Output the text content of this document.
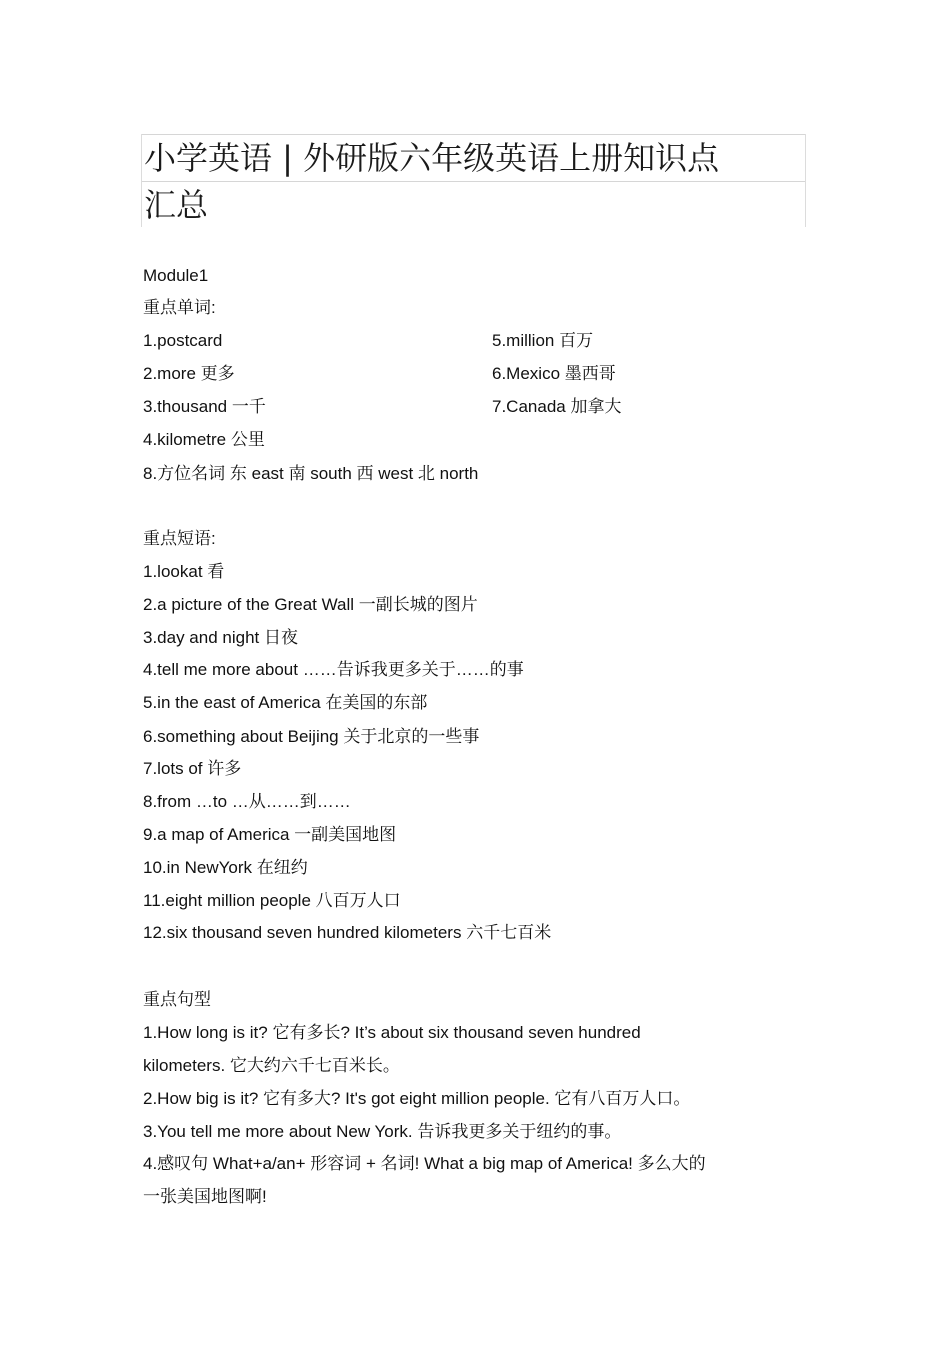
小学英语 | 外研版六年级英语上册知识点
汇总
Module1
重点单词:
1.postcard	5.million 百万
2.more 更多	6.Mexico 墨西哥
3.thousand 一千	7.Canada 加拿大
4.kilometre 公里
8.方位名词 东 east 南 south 西 west 北 north
重点短语:
1.lookat 看
2.a picture of the Great Wall 一副长城的图片
3.day and night 日夜
4.tell me more about ……告诉我更多关于……的事
5.in the east of America 在美国的东部
6.something about Beijing 关于北京的一些事
7.lots of 许多
8.from …to …从……到……
9.a map of America 一副美国地图
10.in NewYork 在纽约
11.eight million people 八百万人口
12.six thousand seven hundred kilometers 六千七百米
重点句型
1.How long is it? 它有多长? It’s about six thousand seven hundred
kilometers. 它大约六千七百米长。
2.How big is it? 它有多大? It's got eight million people. 它有八百万人口。
3.You tell me more about New York. 告诉我更多关于纽约的事。
4.感叹句 What+a/an+ 形容词 + 名词! What a big map of America! 多么大的
一张美国地图啊!
